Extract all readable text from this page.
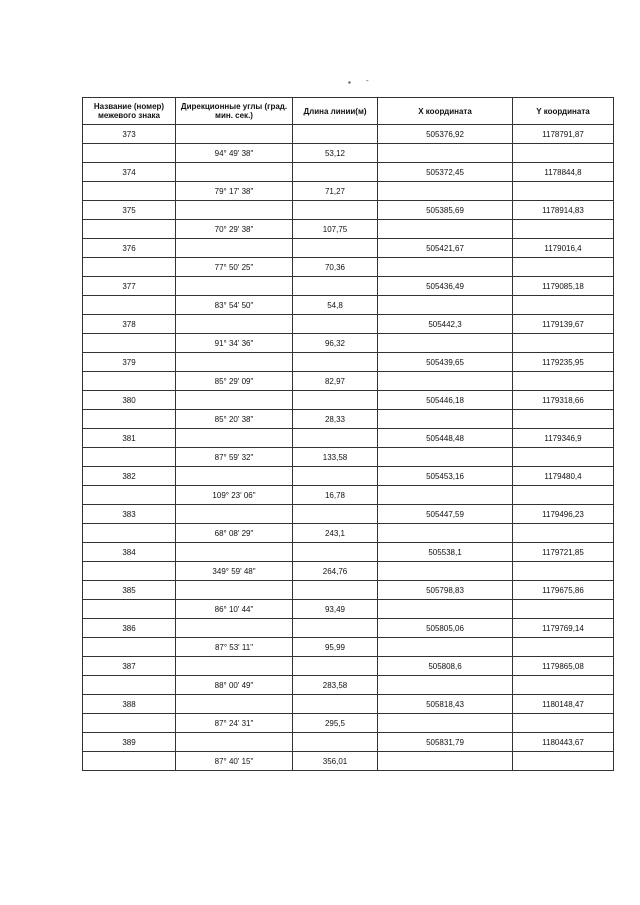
▪ -
Название (номер) межевого знака	Дирекционные углы (град. мин. сек.)	Длина линии(м)	X координата	Y координата
373			505376,92	1178791,87
	94° 49' 38"	53,12		
374			505372,45	1178844,8
	79° 17' 38"	71,27		
375			505385,69	1178914,83
	70° 29' 38"	107,75		
376			505421,67	1179016,4
	77° 50' 25"	70,36		
377			505436,49	1179085,18
	83° 54' 50"	54,8		
378			505442,3	1179139,67
	91° 34' 36"	96,32		
379			505439,65	1179235,95
	85° 29' 09"	82,97		
380			505446,18	1179318,66
	85° 20' 38"	28,33		
381			505448,48	1179346,9
	87° 59' 32"	133,58		
382			505453,16	1179480,4
	109° 23' 06"	16,78		
383			505447,59	1179496,23
	68° 08' 29"	243,1		
384			505538,1	1179721,85
	349° 59' 48"	264,76		
385			505798,83	1179675,86
	86° 10' 44"	93,49		
386			505805,06	1179769,14
	87° 53' 11"	95,99		
387			505808,6	1179865,08
	88° 00' 49"	283,58		
388			505818,43	1180148,47
	87° 24' 31"	295,5		
389			505831,79	1180443,67
	87° 40' 15"	356,01		
